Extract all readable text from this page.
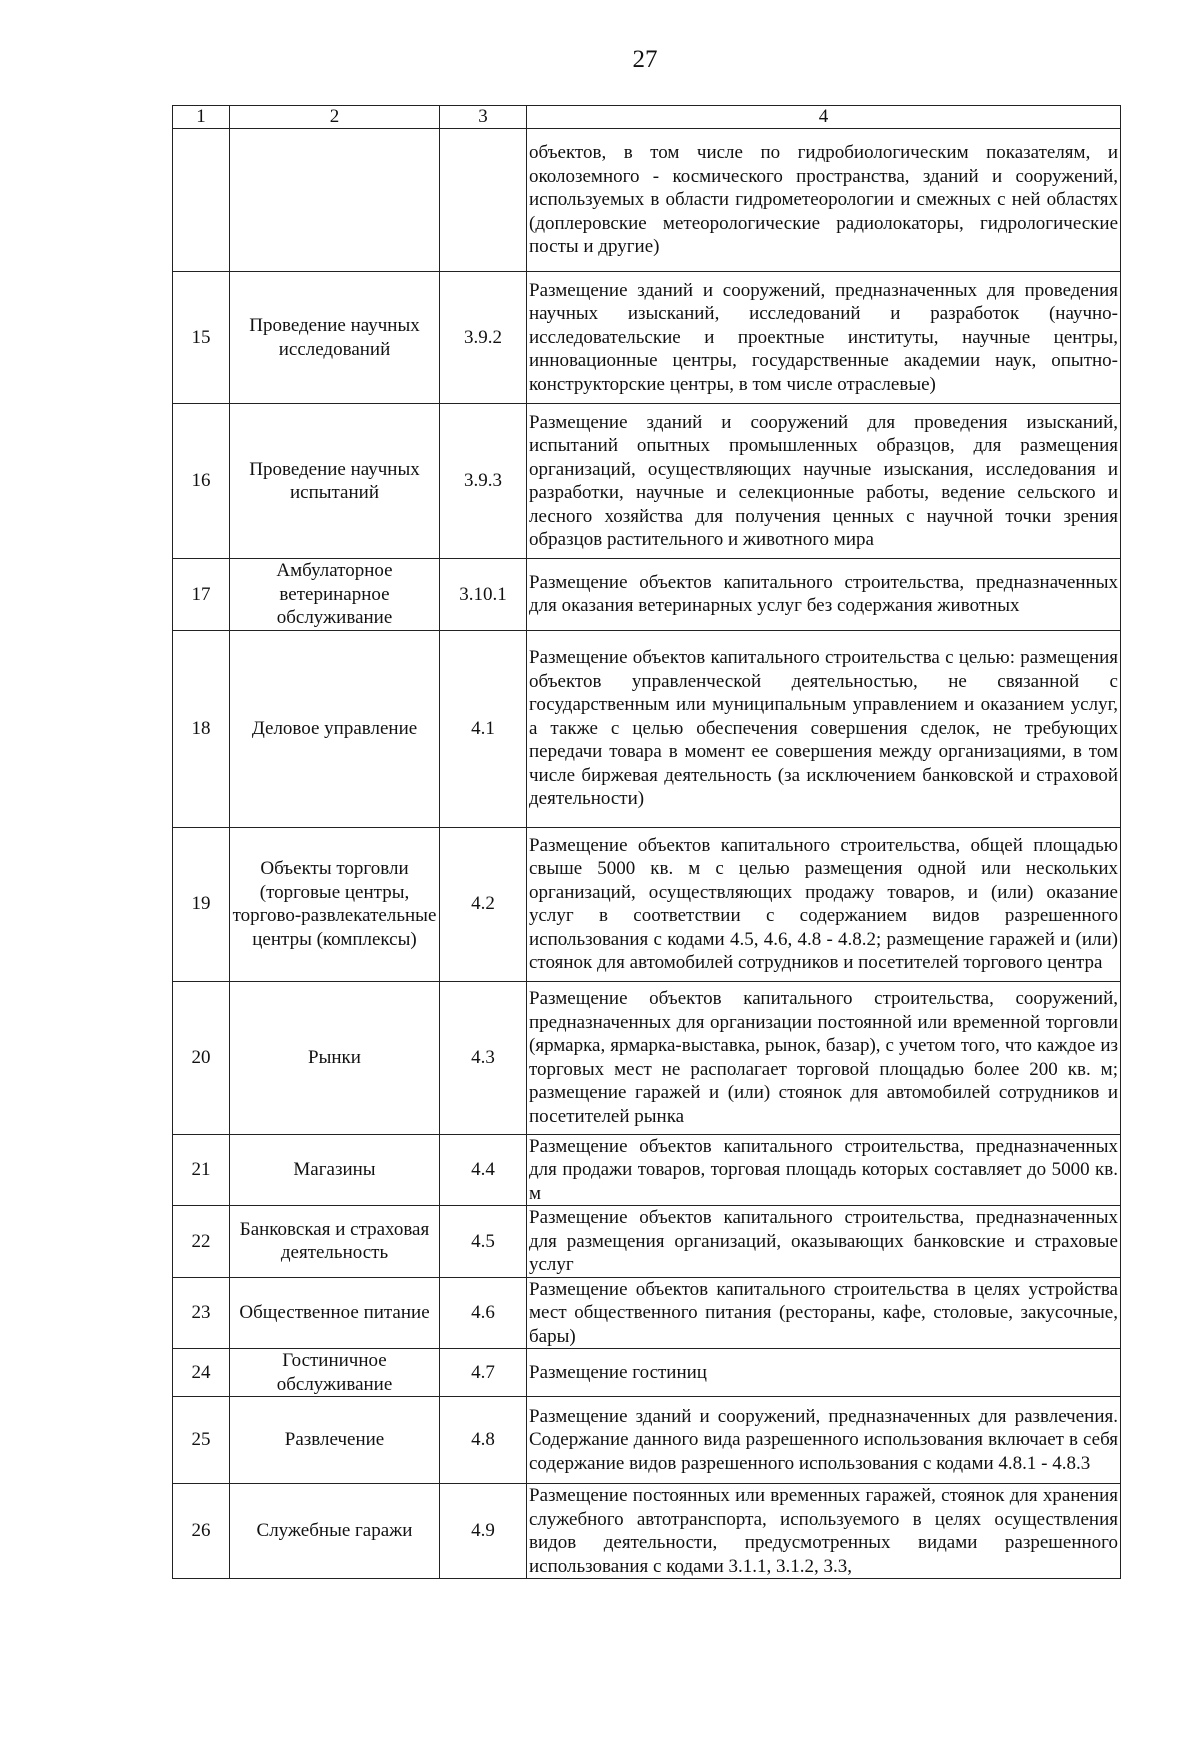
27
1	2	3	4
			объектов, в том числе по гидробиологическим показателям, и околоземного - космического пространства, зданий и сооружений, используемых в области гидрометеорологии и смежных с ней областях (доплеровские метеорологические радиолокаторы, гидрологические посты и другие)
15	Проведение научных исследований	3.9.2	Размещение зданий и сооружений, предназначенных для проведения научных изысканий, исследований и разработок (научно-исследовательские и проектные институты, научные центры, инновационные центры, государственные академии наук, опытно-конструкторские центры, в том числе отраслевые)
16	Проведение научных испытаний	3.9.3	Размещение зданий и сооружений для проведения изысканий, испытаний опытных промышленных образцов, для размещения организаций, осуществляющих научные изыскания, исследования и разработки, научные и селекционные работы, ведение сельского и лесного хозяйства для получения ценных с научной точки зрения образцов растительного и животного мира
17	Амбулаторное ветеринарное обслуживание	3.10.1	Размещение объектов капитального строительства, предназначенных для оказания ветеринарных услуг без содержания животных
18	Деловое управление	4.1	Размещение объектов капитального строительства с целью: размещения объектов управленческой деятельностью, не связанной с государственным или муниципальным управлением и оказанием услуг, а также с целью обеспечения совершения сделок, не требующих передачи товара в момент ее совершения между организациями, в том числе биржевая деятельность (за исключением банковской и страховой деятельности)
19	Объекты торговли (торговые центры, торгово-развлекательные центры (комплексы)	4.2	Размещение объектов капитального строительства, общей площадью свыше 5000 кв. м с целью размещения одной или нескольких организаций, осуществляющих продажу товаров, и (или) оказание услуг в соответствии с содержанием видов разрешенного использования с кодами 4.5, 4.6, 4.8 - 4.8.2; размещение гаражей и (или) стоянок для автомобилей сотрудников и посетителей торгового центра
20	Рынки	4.3	Размещение объектов капитального строительства, сооружений, предназначенных для организации постоянной или временной торговли (ярмарка, ярмарка-выставка, рынок, базар), с учетом того, что каждое из торговых мест не располагает торговой площадью более 200 кв. м; размещение гаражей и (или) стоянок для автомобилей сотрудников и посетителей рынка
21	Магазины	4.4	Размещение объектов капитального строительства, предназначенных для продажи товаров, торговая площадь которых составляет до 5000 кв. м
22	Банковская и страховая деятельность	4.5	Размещение объектов капитального строительства, предназначенных для размещения организаций, оказывающих банковские и страховые услуг
23	Общественное питание	4.6	Размещение объектов капитального строительства в целях устройства мест общественного питания (рестораны, кафе, столовые, закусочные, бары)
24	Гостиничное обслуживание	4.7	Размещение гостиниц
25	Развлечение	4.8	Размещение зданий и сооружений, предназначенных для развлечения. Содержание данного вида разрешенного использования включает в себя содержание видов разрешенного использования с кодами 4.8.1 - 4.8.3
26	Служебные гаражи	4.9	Размещение постоянных или временных гаражей, стоянок для хранения служебного автотранспорта, используемого в целях осуществления видов деятельности, предусмотренных видами разрешенного использования с кодами 3.1.1, 3.1.2, 3.3,
